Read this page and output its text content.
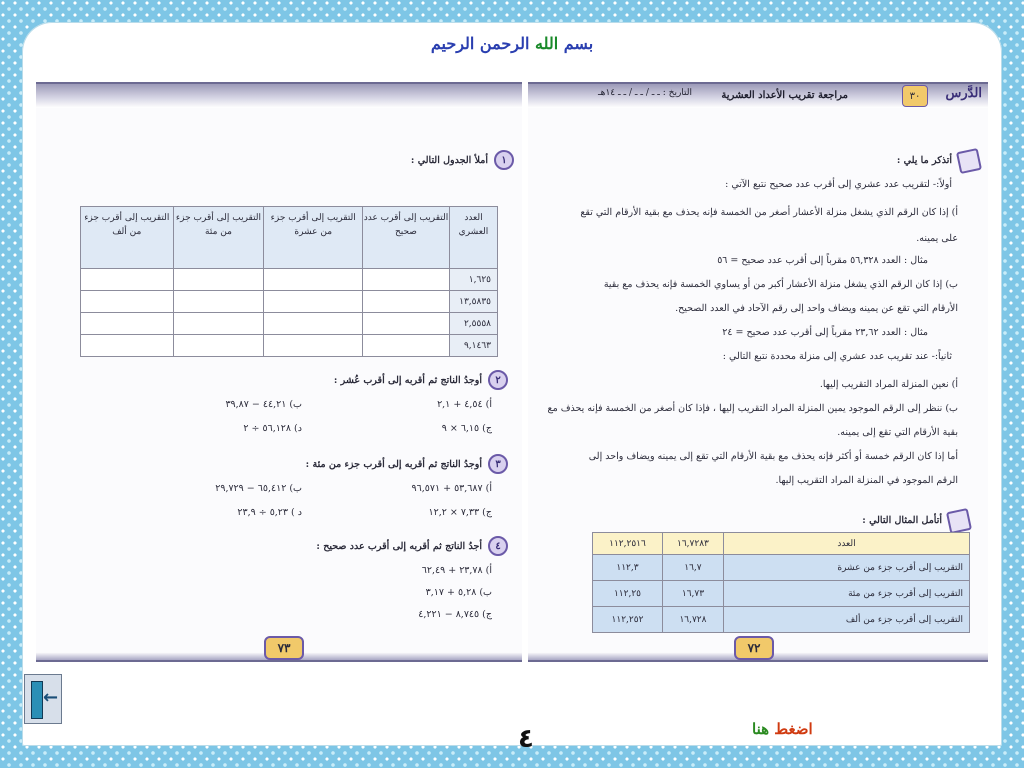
بسم الله الرحمن الرحيم
الدَّرس
٣٠
مراجعة تقريب الأعداد العشرية
التاريخ : ـ ـ / ـ ـ / ـ ـ ١٤هـ
أتذكر ما يلي :
أولاً:- لتقريب عدد عشري إلى أقرب عدد صحيح نتبع الآتي :
أ) إذا كان الرقم الذي يشغل منزلة الأعشار أصغر من الخمسة فإنه يحذف مع بقية الأرقام التي تقع
على يمينه.
مثال : العدد ٥٦,٣٢٨ مقرباً إلى أقرب عدد صحيح = ٥٦
ب) إذا كان الرقم الذي يشغل منزلة الأعشار أكبر من أو يساوي الخمسة فإنه يحذف مع بقية
الأرقام التي تقع عن يمينه ويضاف واحد إلى رقم الآحاد في العدد الصحيح.
مثال : العدد ٢٣,٦٢ مقرباً إلى أقرب عدد صحيح = ٢٤
ثانياً:- عند تقريب عدد عشري إلى منزلة محددة نتبع التالي :
أ) نعين المنزلة المراد التقريب إليها.
ب) ننظر إلى الرقم الموجود يمين المنزلة المراد التقريب إليها ، فإذا كان أصغر من الخمسة فإنه يحذف مع
بقية الأرقام التي تقع إلى يمينه.
أما إذا كان الرقم خمسة أو أكثر فإنه يحذف مع بقية الأرقام التي تقع إلى يمينه ويضاف واحد إلى
الرقم الموجود في المنزلة المراد التقريب إليها.
أتأمل المثال التالي :
العدد	١٦,٧٢٨٣	١١٢,٢٥١٦
التقريب إلى أقرب جزء من عشرة	١٦,٧	١١٢,٣
التقريب إلى أقرب جزء من مئة	١٦,٧٣	١١٢,٢٥
التقريب إلى أقرب جزء من ألف	١٦,٧٢٨	١١٢,٢٥٢
٧٢
١
أملأ الجدول التالي :
العدد العشري	التقريب إلى أقرب عدد صحيح	التقريب إلى أقرب جزء من عشرة	التقريب إلى أقرب جزء من مئة	التقريب إلى أقرب جزء من ألف
١,٦٢٥				
١٣,٥٨٣٥				
٢,٥٥٥٨				
٩,١٤٦٣				
٢
أوجدُ الناتج ثم أقربه إلى أقرب عُشر :
أ) ٤,٥٤ + ٢,١
ب) ٤٤,٢١ − ٣٩,٨٧
ج) ٦,١٥ × ٩
د) ٥٦,١٢٨ ÷ ٢
٣
أوجدُ الناتج ثم أقربه إلى أقرب جزء من مئة :
أ) ٥٣,٦٨٧ + ٩٦,٥٧١
ب) ٦٥,٤١٢ − ٢٩,٧٢٩
ج) ٧,٣٣ × ١٢,٢
د ) ٥,٢٣ ÷ ٢٣,٩
٤
أجدُ الناتج ثم أقربه إلى أقرب عدد صحيح :
أ) ٢٣,٧٨ + ٦٢,٤٩
ب) ٥,٢٨ + ٣,١٧
ج) ٨,٧٤٥ − ٤,٢٢١
٧٣
←
٤	اضغط هنا
